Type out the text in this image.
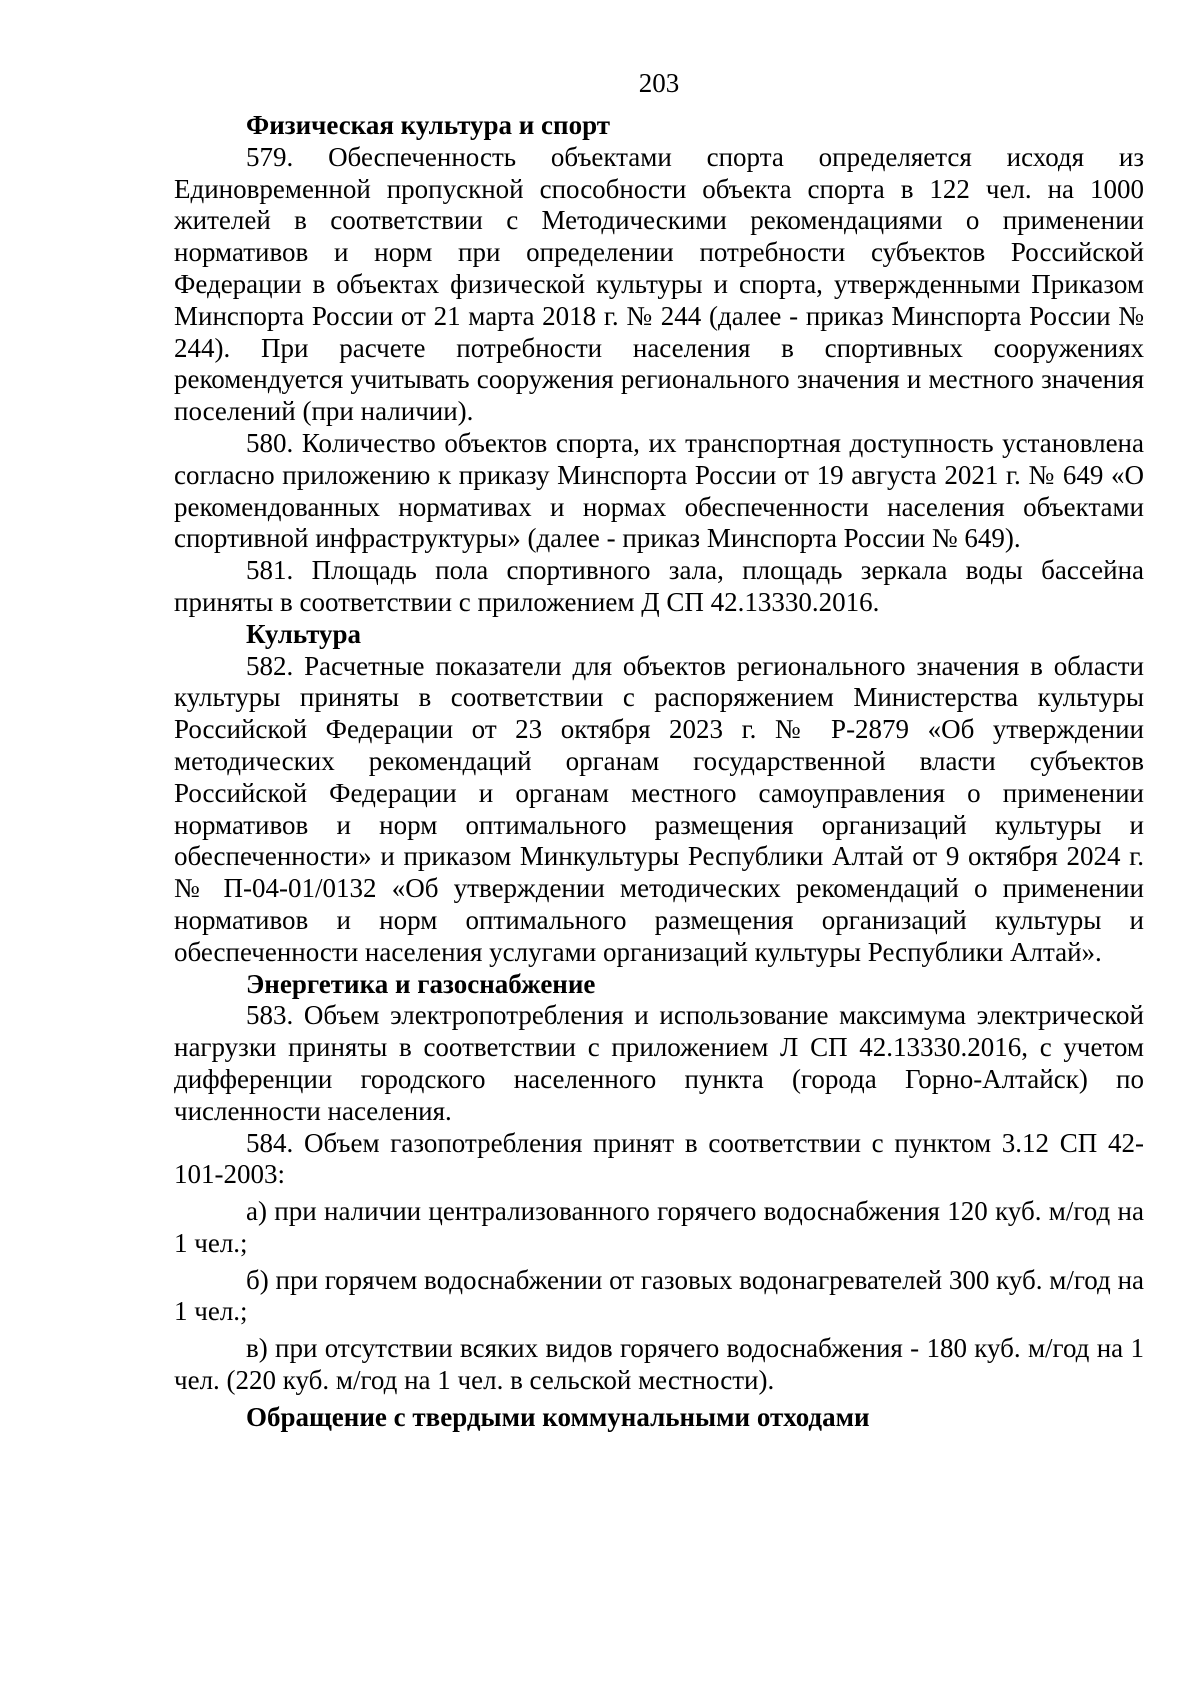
203

Физическая культура и спорт

579. Обеспеченность объектами спорта определяется исходя из Единовременной пропускной способности объекта спорта в 122 чел. на 1000 жителей в соответствии с Методическими рекомендациями о применении нормативов и норм при определении потребности субъектов Российской Федерации в объектах физической культуры и спорта, утвержденными Приказом Минспорта России от 21 марта 2018 г. № 244 (далее - приказ Минспорта России № 244). При расчете потребности населения в спортивных сооружениях рекомендуется учитывать сооружения регионального значения и местного значения поселений (при наличии).

580. Количество объектов спорта, их транспортная доступность установлена согласно приложению к приказу Минспорта России от 19 августа 2021 г. № 649 «О рекомендованных нормативах и нормах обеспеченности населения объектами спортивной инфраструктуры» (далее - приказ Минспорта России № 649).

581. Площадь пола спортивного зала, площадь зеркала воды бассейна приняты в соответствии с приложением Д СП 42.13330.2016.

Культура

582. Расчетные показатели для объектов регионального значения в области культуры приняты в соответствии с распоряжением Министерства культуры Российской Федерации от 23 октября 2023 г. № Р-2879 «Об утверждении методических рекомендаций органам государственной власти субъектов Российской Федерации и органам местного самоуправления о применении нормативов и норм оптимального размещения организаций культуры и обеспеченности» и приказом Минкультуры Республики Алтай от 9 октября 2024 г. № П-04-01/0132 «Об утверждении методических рекомендаций о применении нормативов и норм оптимального размещения организаций культуры и обеспеченности населения услугами организаций культуры Республики Алтай».

Энергетика и газоснабжение

583. Объем электропотребления и использование максимума электрической нагрузки приняты в соответствии с приложением Л СП 42.13330.2016, с учетом дифференции городского населенного пункта (города Горно-Алтайск) по численности населения.

584. Объем газопотребления принят в соответствии с пунктом 3.12 СП 42-101-2003:

а) при наличии централизованного горячего водоснабжения 120 куб. м/год на 1 чел.;

б) при горячем водоснабжении от газовых водонагревателей 300 куб. м/год на 1 чел.;

в) при отсутствии всяких видов горячего водоснабжения - 180 куб. м/год на 1 чел. (220 куб. м/год на 1 чел. в сельской местности).

Обращение с твердыми коммунальными отходами
